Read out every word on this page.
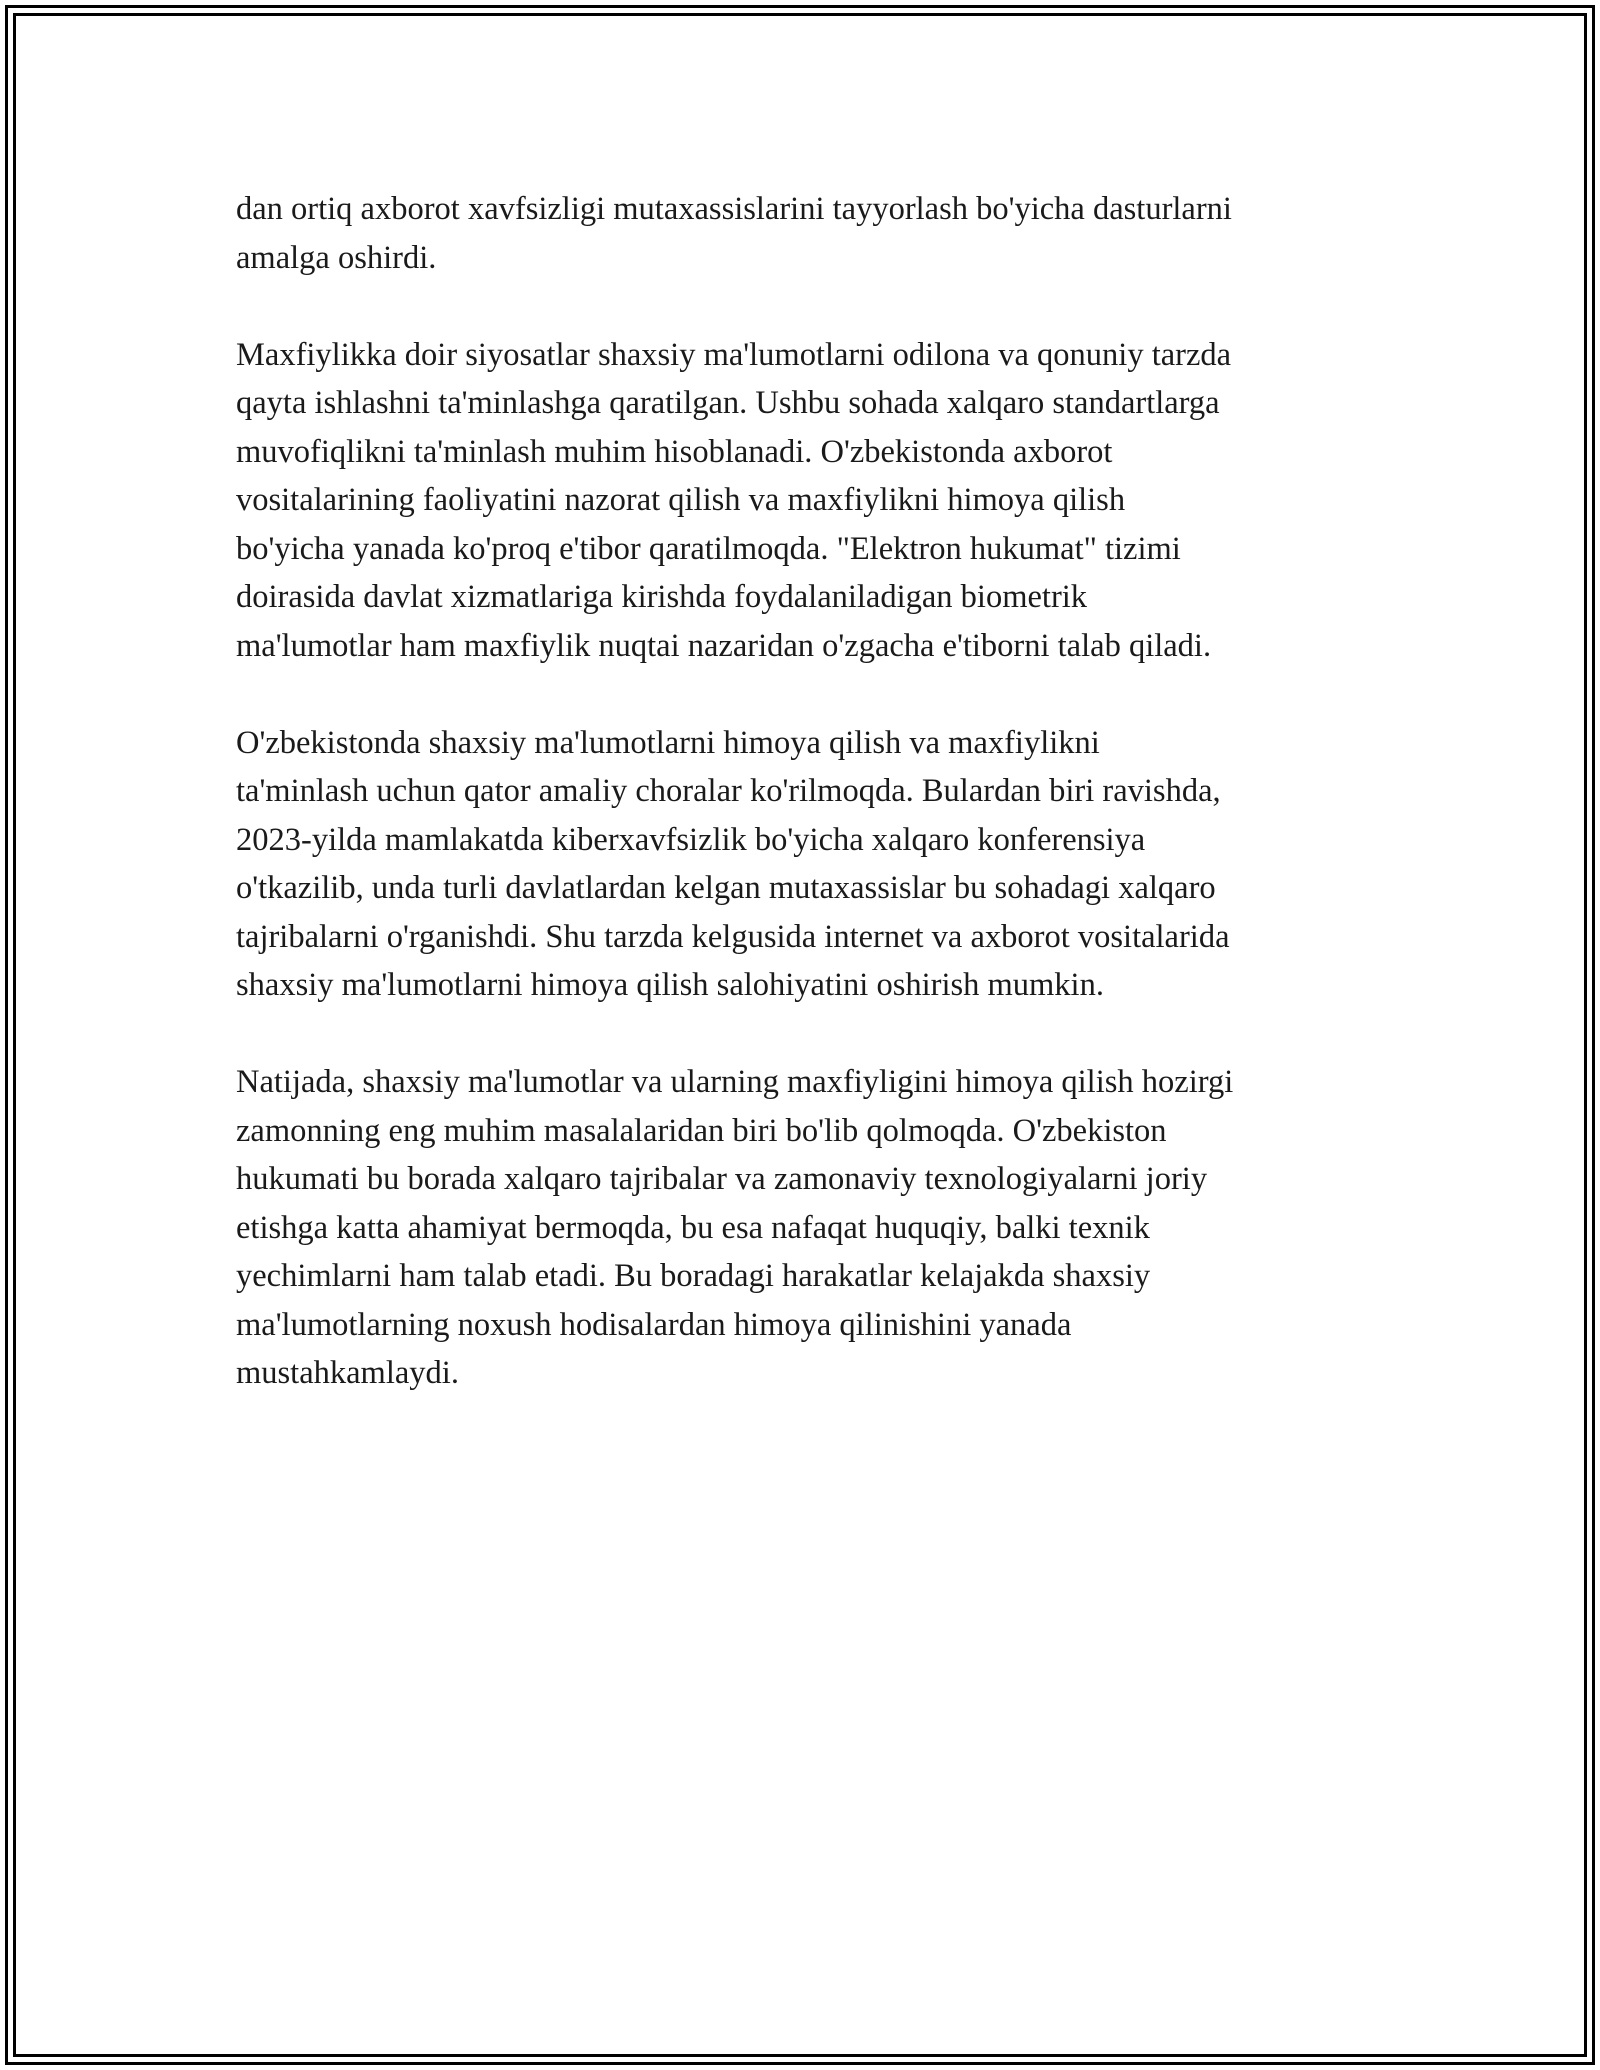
dan ortiq axborot xavfsizligi mutaxassislarini tayyorlash bo'yicha dasturlarni
amalga oshirdi.

Maxfiylikka doir siyosatlar shaxsiy ma'lumotlarni odilona va qonuniy tarzda
qayta ishlashni ta'minlashga qaratilgan. Ushbu sohada xalqaro standartlarga
muvofiqlikni ta'minlash muhim hisoblanadi. O'zbekistonda axborot
vositalarining faoliyatini nazorat qilish va maxfiylikni himoya qilish
bo'yicha yanada ko'proq e'tibor qaratilmoqda. "Elektron hukumat" tizimi
doirasida davlat xizmatlariga kirishda foydalaniladigan biometrik
ma'lumotlar ham maxfiylik nuqtai nazaridan o'zgacha e'tiborni talab qiladi.

O'zbekistonda shaxsiy ma'lumotlarni himoya qilish va maxfiylikni
ta'minlash uchun qator amaliy choralar ko'rilmoqda. Bulardan biri ravishda,
2023-yilda mamlakatda kiberxavfsizlik bo'yicha xalqaro konferensiya
o'tkazilib, unda turli davlatlardan kelgan mutaxassislar bu sohadagi xalqaro
tajribalarni o'rganishdi. Shu tarzda kelgusida internet va axborot vositalarida
shaxsiy ma'lumotlarni himoya qilish salohiyatini oshirish mumkin.

Natijada, shaxsiy ma'lumotlar va ularning maxfiyligini himoya qilish hozirgi
zamonning eng muhim masalalaridan biri bo'lib qolmoqda. O'zbekiston
hukumati bu borada xalqaro tajribalar va zamonaviy texnologiyalarni joriy
etishga katta ahamiyat bermoqda, bu esa nafaqat huquqiy, balki texnik
yechimlarni ham talab etadi. Bu boradagi harakatlar kelajakda shaxsiy
ma'lumotlarning noxush hodisalardan himoya qilinishini yanada
mustahkamlaydi.
